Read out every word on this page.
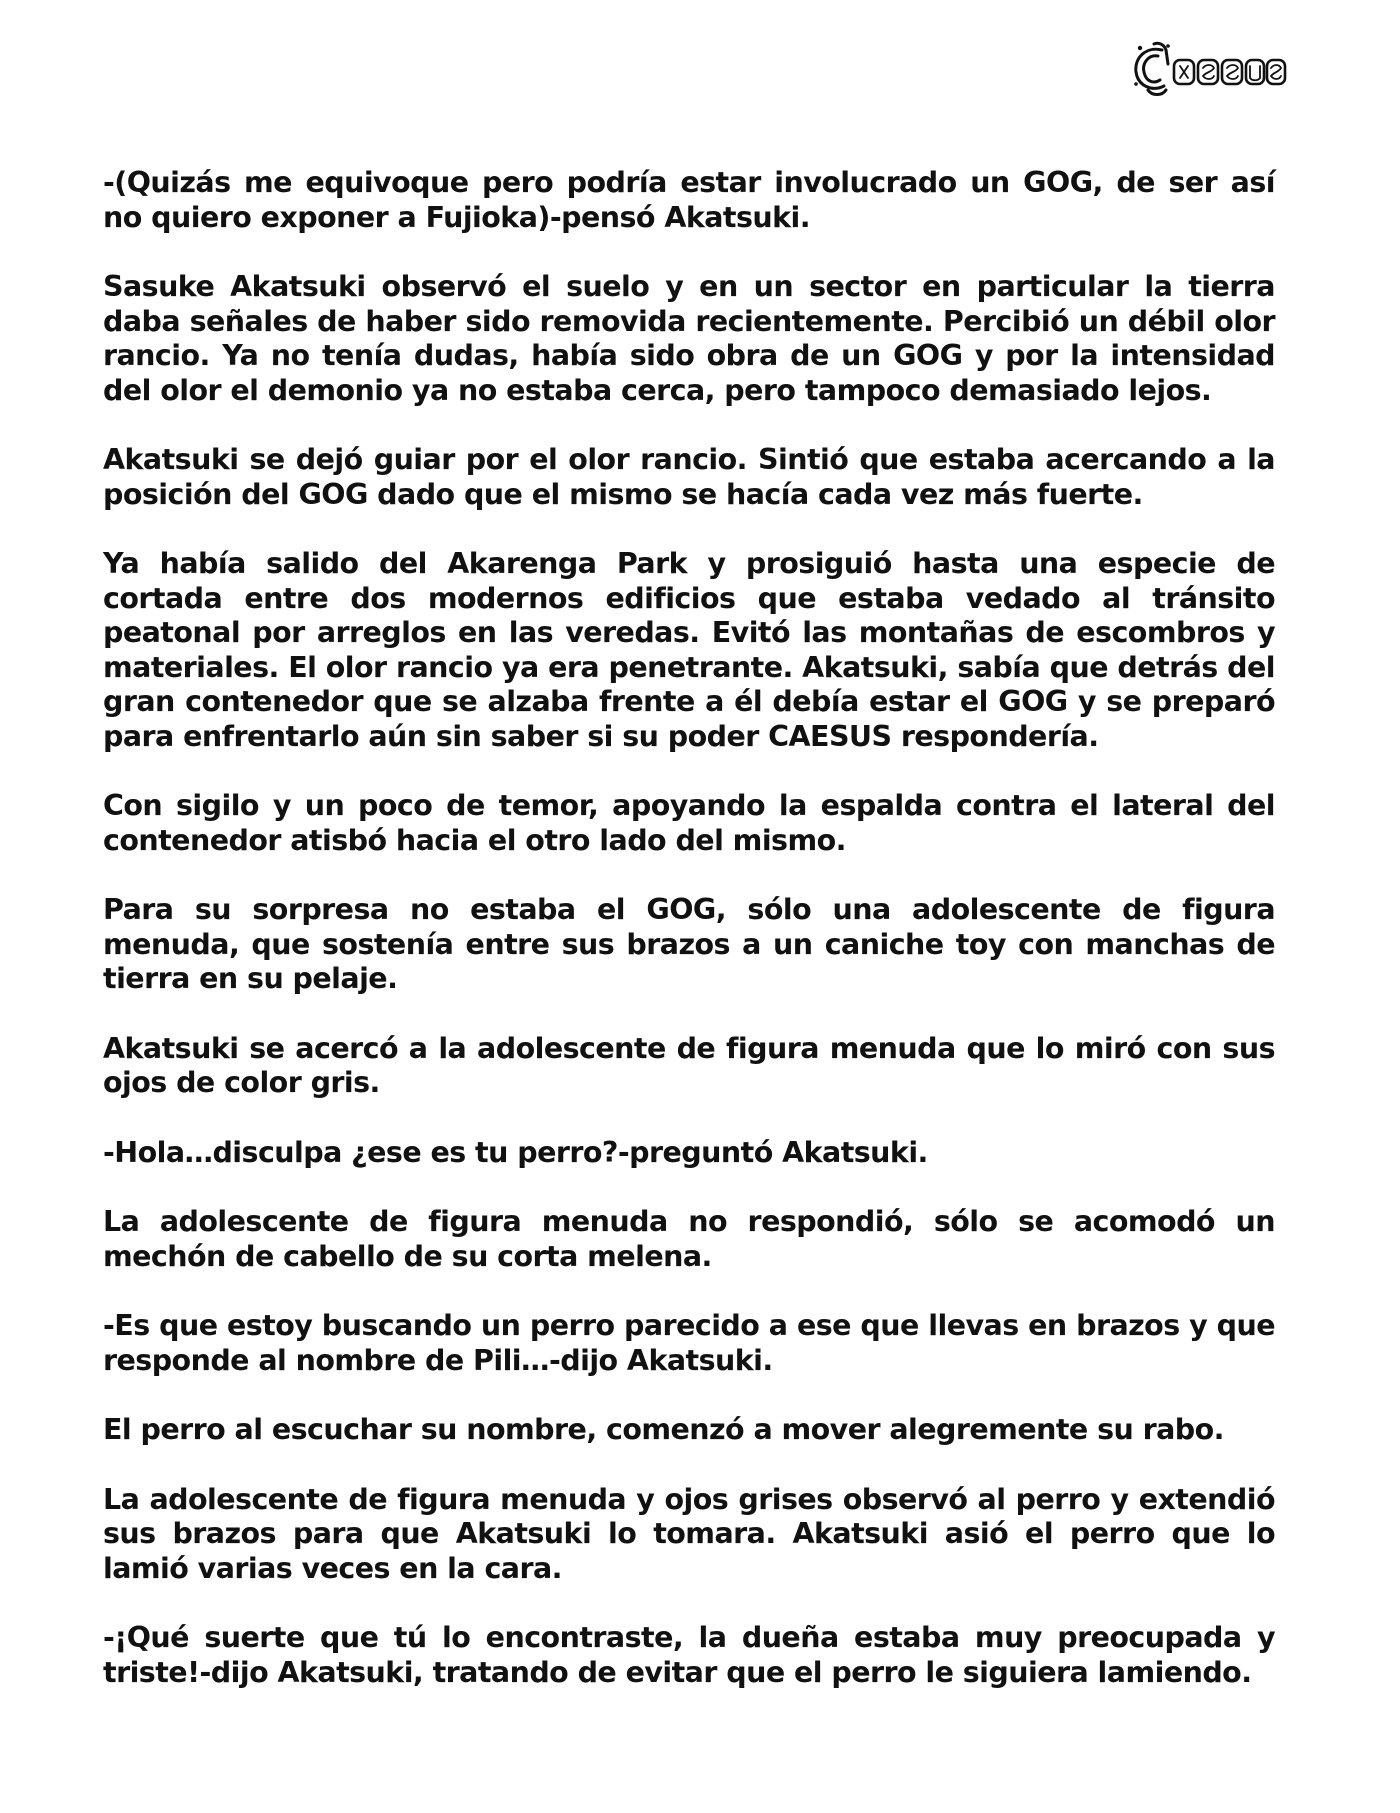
-(Quizás me equivoque pero podría estar involucrado un GOG, de ser así no quiero exponer a Fujioka)-pensó Akatsuki.

Sasuke Akatsuki observó el suelo y en un sector en particular la tierra daba señales de haber sido removida recientemente. Percibió un débil olor rancio. Ya no tenía dudas, había sido obra de un GOG y por la intensidad del olor el demonio ya no estaba cerca, pero tampoco demasiado lejos.

Akatsuki se dejó guiar por el olor rancio. Sintió que estaba acercando a la posición del GOG dado que el mismo se hacía cada vez más fuerte.

Ya había salido del Akarenga Park y prosiguió hasta una especie de cortada entre dos modernos edificios que estaba vedado al tránsito peatonal por arreglos en las veredas. Evitó las montañas de escombros y materiales. El olor rancio ya era penetrante. Akatsuki, sabía que detrás del gran contenedor que se alzaba frente a él debía estar el GOG y se preparó para enfrentarlo aún sin saber si su poder CAESUS respondería.

Con sigilo y un poco de temor, apoyando la espalda contra el lateral del contenedor atisbó hacia el otro lado del mismo.

Para su sorpresa no estaba el GOG, sólo una adolescente de figura menuda, que sostenía entre sus brazos a un caniche toy con manchas de tierra en su pelaje.

Akatsuki se acercó a la adolescente de figura menuda que lo miró con sus ojos de color gris.

-Hola…disculpa ¿ese es tu perro?-preguntó Akatsuki.

La adolescente de figura menuda no respondió, sólo se acomodó un mechón de cabello de su corta melena.

-Es que estoy buscando un perro parecido a ese que llevas en brazos y que responde al nombre de Pili…-dijo Akatsuki.

El perro al escuchar su nombre, comenzó a mover alegremente su rabo.

La adolescente de figura menuda y ojos grises observó al perro y extendió sus brazos para que Akatsuki lo tomara. Akatsuki asió el perro que lo lamió varias veces en la cara.

-¡Qué suerte que tú lo encontraste, la dueña estaba muy preocupada y triste!-dijo Akatsuki, tratando de evitar que el perro le siguiera lamiendo.
